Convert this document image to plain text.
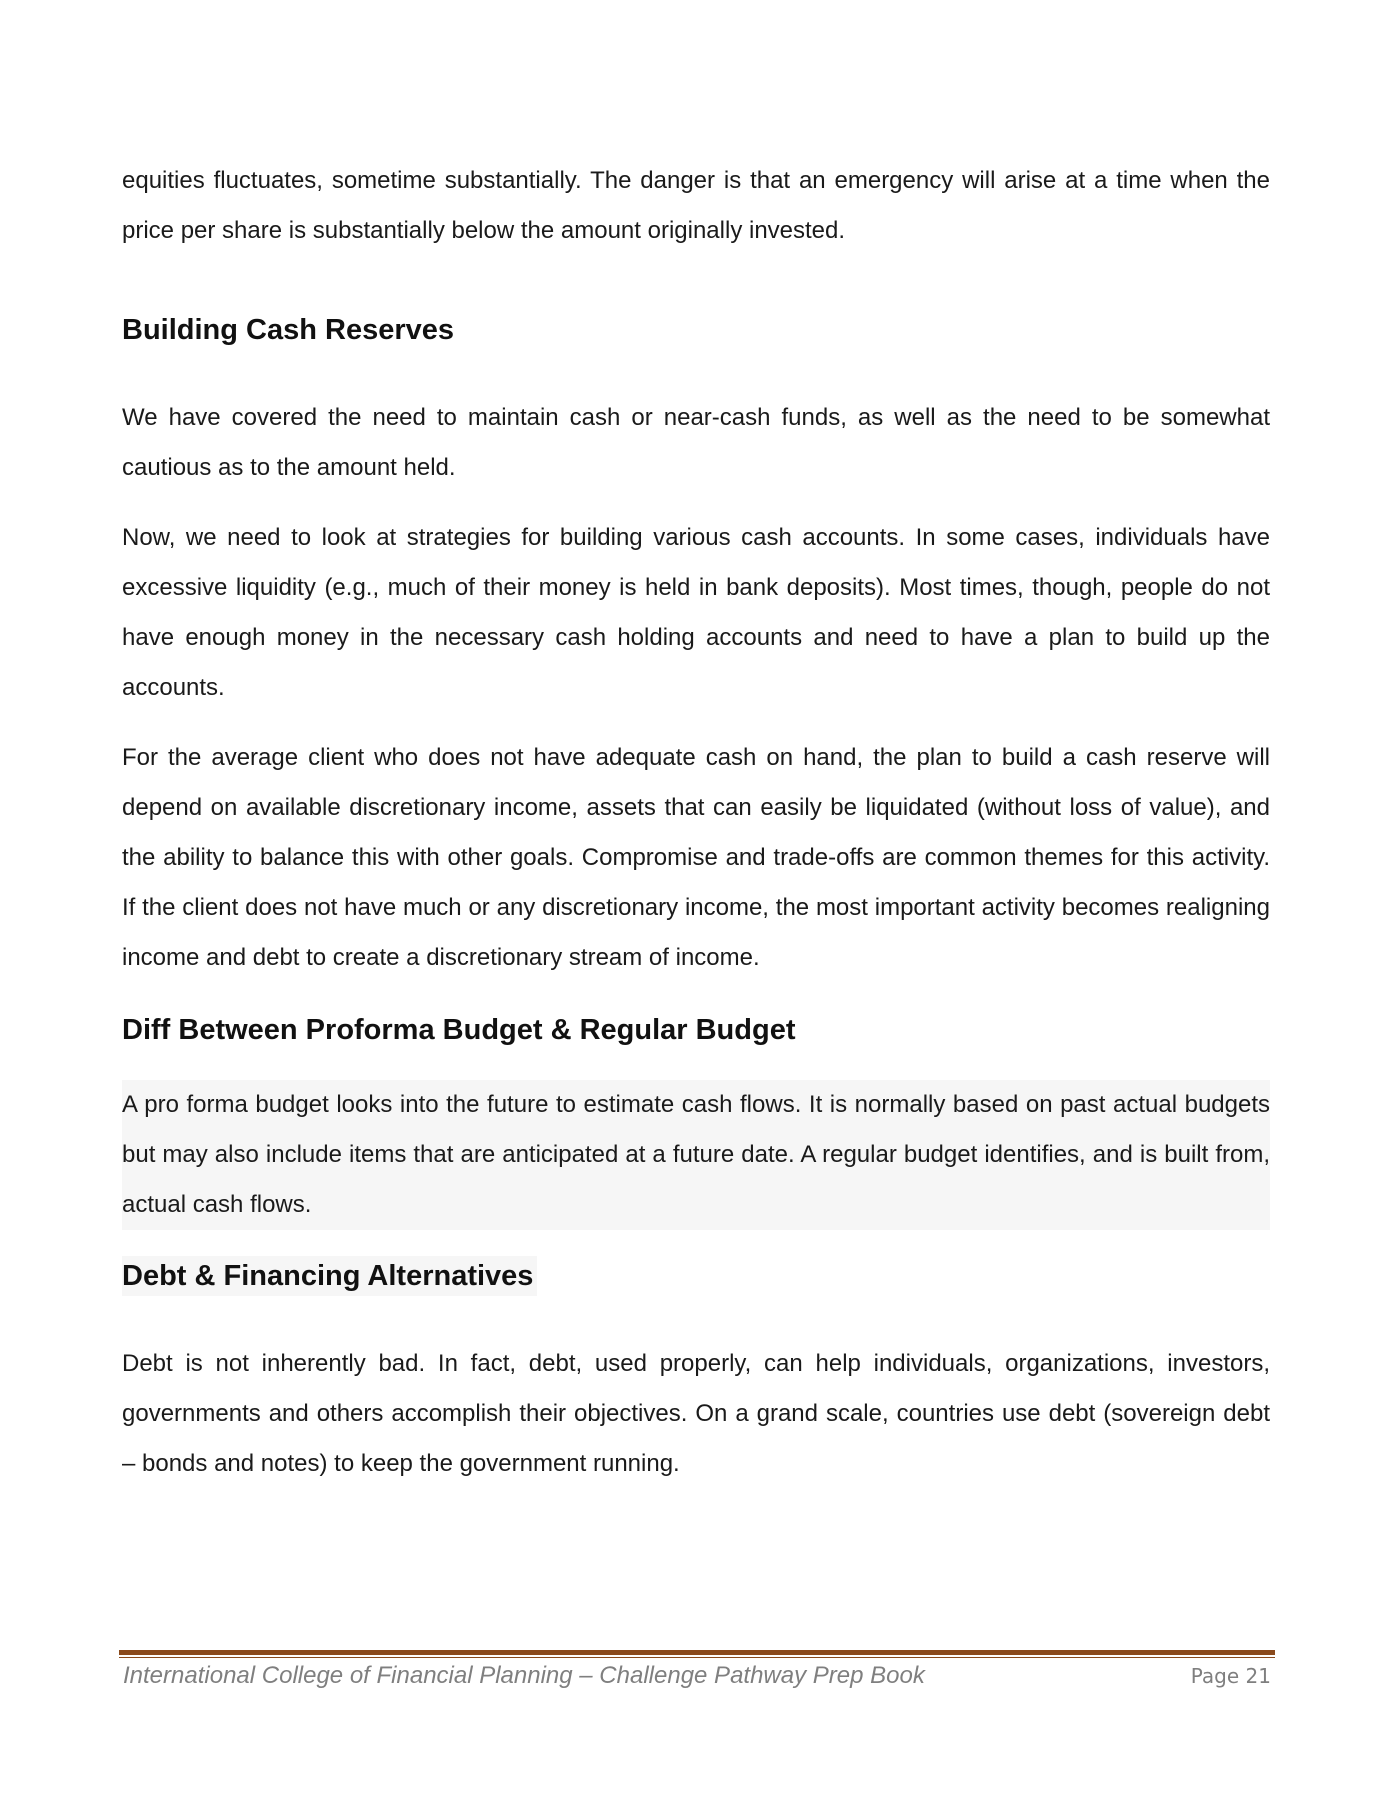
equities fluctuates, sometime substantially. The danger is that an emergency will arise at a time when the price per share is substantially below the amount originally invested.

Building Cash Reserves

We have covered the need to maintain cash or near-cash funds, as well as the need to be somewhat cautious as to the amount held.

Now, we need to look at strategies for building various cash accounts. In some cases, individuals have excessive liquidity (e.g., much of their money is held in bank deposits). Most times, though, people do not have enough money in the necessary cash holding accounts and need to have a plan to build up the accounts.

For the average client who does not have adequate cash on hand, the plan to build a cash reserve will depend on available discretionary income, assets that can easily be liquidated (without loss of value), and the ability to balance this with other goals. Compromise and trade-offs are common themes for this activity. If the client does not have much or any discretionary income, the most important activity becomes realigning income and debt to create a discretionary stream of income.

Diff Between Proforma Budget & Regular Budget

A pro forma budget looks into the future to estimate cash flows. It is normally based on past actual budgets but may also include items that are anticipated at a future date. A regular budget identifies, and is built from, actual cash flows.

Debt & Financing Alternatives

Debt is not inherently bad. In fact, debt, used properly, can help individuals, organizations, investors, governments and others accomplish their objectives. On a grand scale, countries use debt (sovereign debt – bonds and notes) to keep the government running.

International College of Financial Planning – Challenge Pathway Prep Book	Page 21
